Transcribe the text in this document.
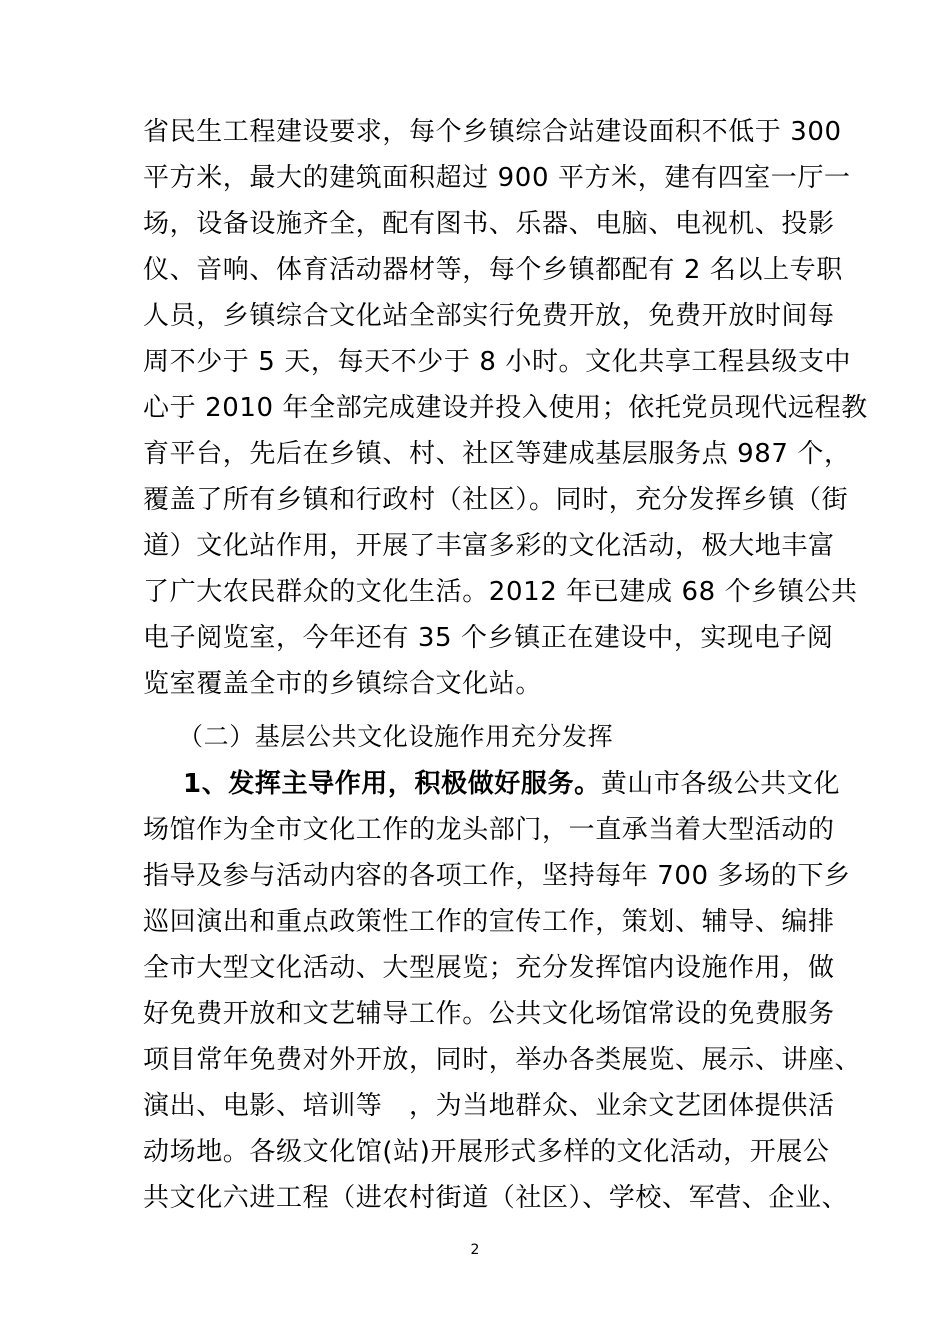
省民生工程建设要求，每个乡镇综合站建设面积不低于 300
平方米，最大的建筑面积超过 900 平方米，建有四室一厅一
场，设备设施齐全，配有图书、乐器、电脑、电视机、投影
仪、音响、体育活动器材等，每个乡镇都配有 2 名以上专职
人员，乡镇综合文化站全部实行免费开放，免费开放时间每
周不少于 5 天，每天不少于 8 小时。文化共享工程县级支中
心于 2010 年全部完成建设并投入使用；依托党员现代远程教
育平台，先后在乡镇、村、社区等建成基层服务点 987 个，
覆盖了所有乡镇和行政村（社区）。同时，充分发挥乡镇（街
道）文化站作用，开展了丰富多彩的文化活动，极大地丰富
了广大农民群众的文化生活。2012 年已建成 68 个乡镇公共
电子阅览室，今年还有 35 个乡镇正在建设中，实现电子阅
览室覆盖全市的乡镇综合文化站。
（二）基层公共文化设施作用充分发挥
1、发挥主导作用，积极做好服务。黄山市各级公共文化
场馆作为全市文化工作的龙头部门，一直承当着大型活动的
指导及参与活动内容的各项工作，坚持每年 700 多场的下乡
巡回演出和重点政策性工作的宣传工作，策划、辅导、编排
全市大型文化活动、大型展览；充分发挥馆内设施作用，做
好免费开放和文艺辅导工作。公共文化场馆常设的免费服务
项目常年免费对外开放，同时，举办各类展览、展示、讲座、
演出、电影、培训等　，为当地群众、业余文艺团体提供活
动场地。各级文化馆(站)开展形式多样的文化活动，开展公
共文化六进工程（进农村街道（社区）、学校、军营、企业、
2
